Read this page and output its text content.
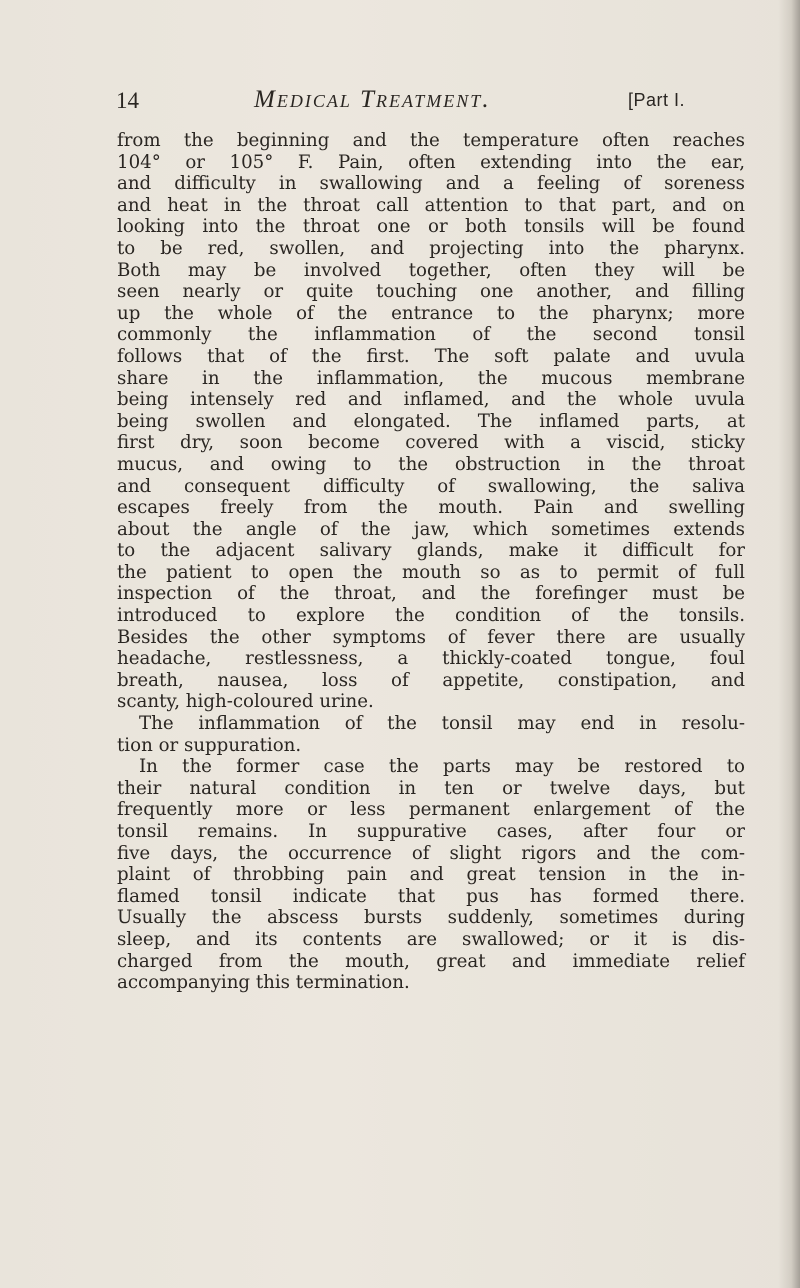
14	Medical Treatment.	[Part I.
from the beginning and the temperature often reaches
104° or 105° F. Pain, often extending into the ear,
and difficulty in swallowing and a feeling of soreness
and heat in the throat call attention to that part, and on
looking into the throat one or both tonsils will be found
to be red, swollen, and projecting into the pharynx.
Both may be involved together, often they will be
seen nearly or quite touching one another, and filling
up the whole of the entrance to the pharynx; more
commonly the inflammation of the second tonsil
follows that of the first. The soft palate and uvula
share in the inflammation, the mucous membrane
being intensely red and inflamed, and the whole uvula
being swollen and elongated. The inflamed parts, at
first dry, soon become covered with a viscid, sticky
mucus, and owing to the obstruction in the throat
and consequent difficulty of swallowing, the saliva
escapes freely from the mouth. Pain and swelling
about the angle of the jaw, which sometimes extends
to the adjacent salivary glands, make it difficult for
the patient to open the mouth so as to permit of full
inspection of the throat, and the forefinger must be
introduced to explore the condition of the tonsils.
Besides the other symptoms of fever there are usually
headache, restlessness, a thickly-coated tongue, foul
breath, nausea, loss of appetite, constipation, and
scanty, high-coloured urine.
The inflammation of the tonsil may end in resolu-
tion or suppuration.
In the former case the parts may be restored to
their natural condition in ten or twelve days, but
frequently more or less permanent enlargement of the
tonsil remains. In suppurative cases, after four or
five days, the occurrence of slight rigors and the com-
plaint of throbbing pain and great tension in the in-
flamed tonsil indicate that pus has formed there.
Usually the abscess bursts suddenly, sometimes during
sleep, and its contents are swallowed; or it is dis-
charged from the mouth, great and immediate relief
accompanying this termination.
